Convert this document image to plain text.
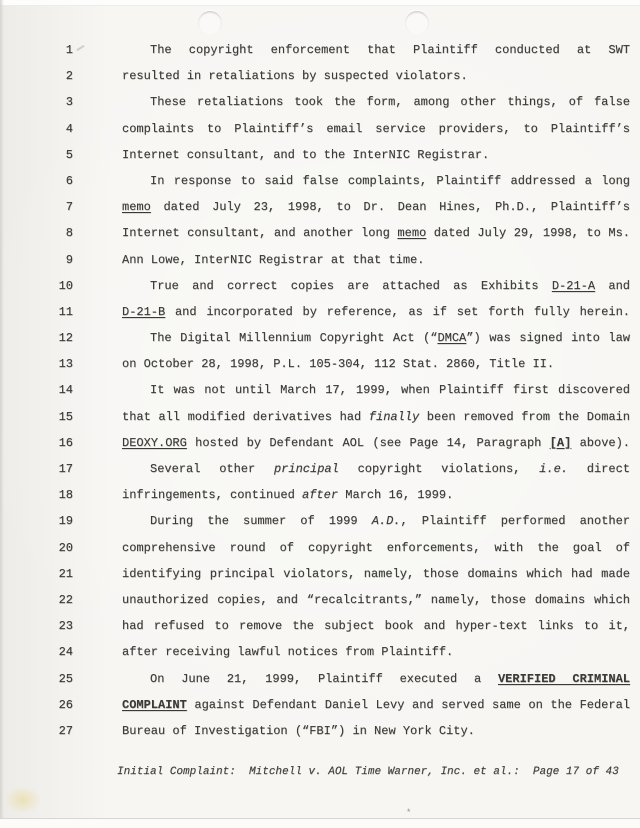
1	The copyright enforcement that Plaintiff conducted at SWT
2	resulted in retaliations by suspected violators.
3	These retaliations took the form, among other things, of false
4	complaints to Plaintiff’s email service providers, to Plaintiff’s
5	Internet consultant, and to the InterNIC Registrar.
6	In response to said false complaints, Plaintiff addressed a long
7	memo dated July 23, 1998, to Dr. Dean Hines, Ph.D., Plaintiff’s
8	Internet consultant, and another long memo dated July 29, 1998, to Ms.
9	Ann Lowe, InterNIC Registrar at that time.
10	True and correct copies are attached as Exhibits D-21-A and
11	D-21-B and incorporated by reference, as if set forth fully herein.
12	The Digital Millennium Copyright Act (“DMCA”) was signed into law
13	on October 28, 1998, P.L. 105-304, 112 Stat. 2860, Title II.
14	It was not until March 17, 1999, when Plaintiff first discovered
15	that all modified derivatives had finally been removed from the Domain
16	DEOXY.ORG hosted by Defendant AOL (see Page 14, Paragraph [A] above).
17	Several other principal copyright violations, i.e. direct
18	infringements, continued after March 16, 1999.
19	During the summer of 1999 A.D., Plaintiff performed another
20	comprehensive round of copyright enforcements, with the goal of
21	identifying principal violators, namely, those domains which had made
22	unauthorized copies, and “recalcitrants,” namely, those domains which
23	had refused to remove the subject book and hyper-text links to it,
24	after receiving lawful notices from Plaintiff.
25	On June 21, 1999, Plaintiff executed a VERIFIED CRIMINAL
26	COMPLAINT against Defendant Daniel Levy and served same on the Federal
27	Bureau of Investigation (“FBI”) in New York City.
Initial Complaint:  Mitchell v. AOL Time Warner, Inc. et al.:  Page 17 of 43
*
